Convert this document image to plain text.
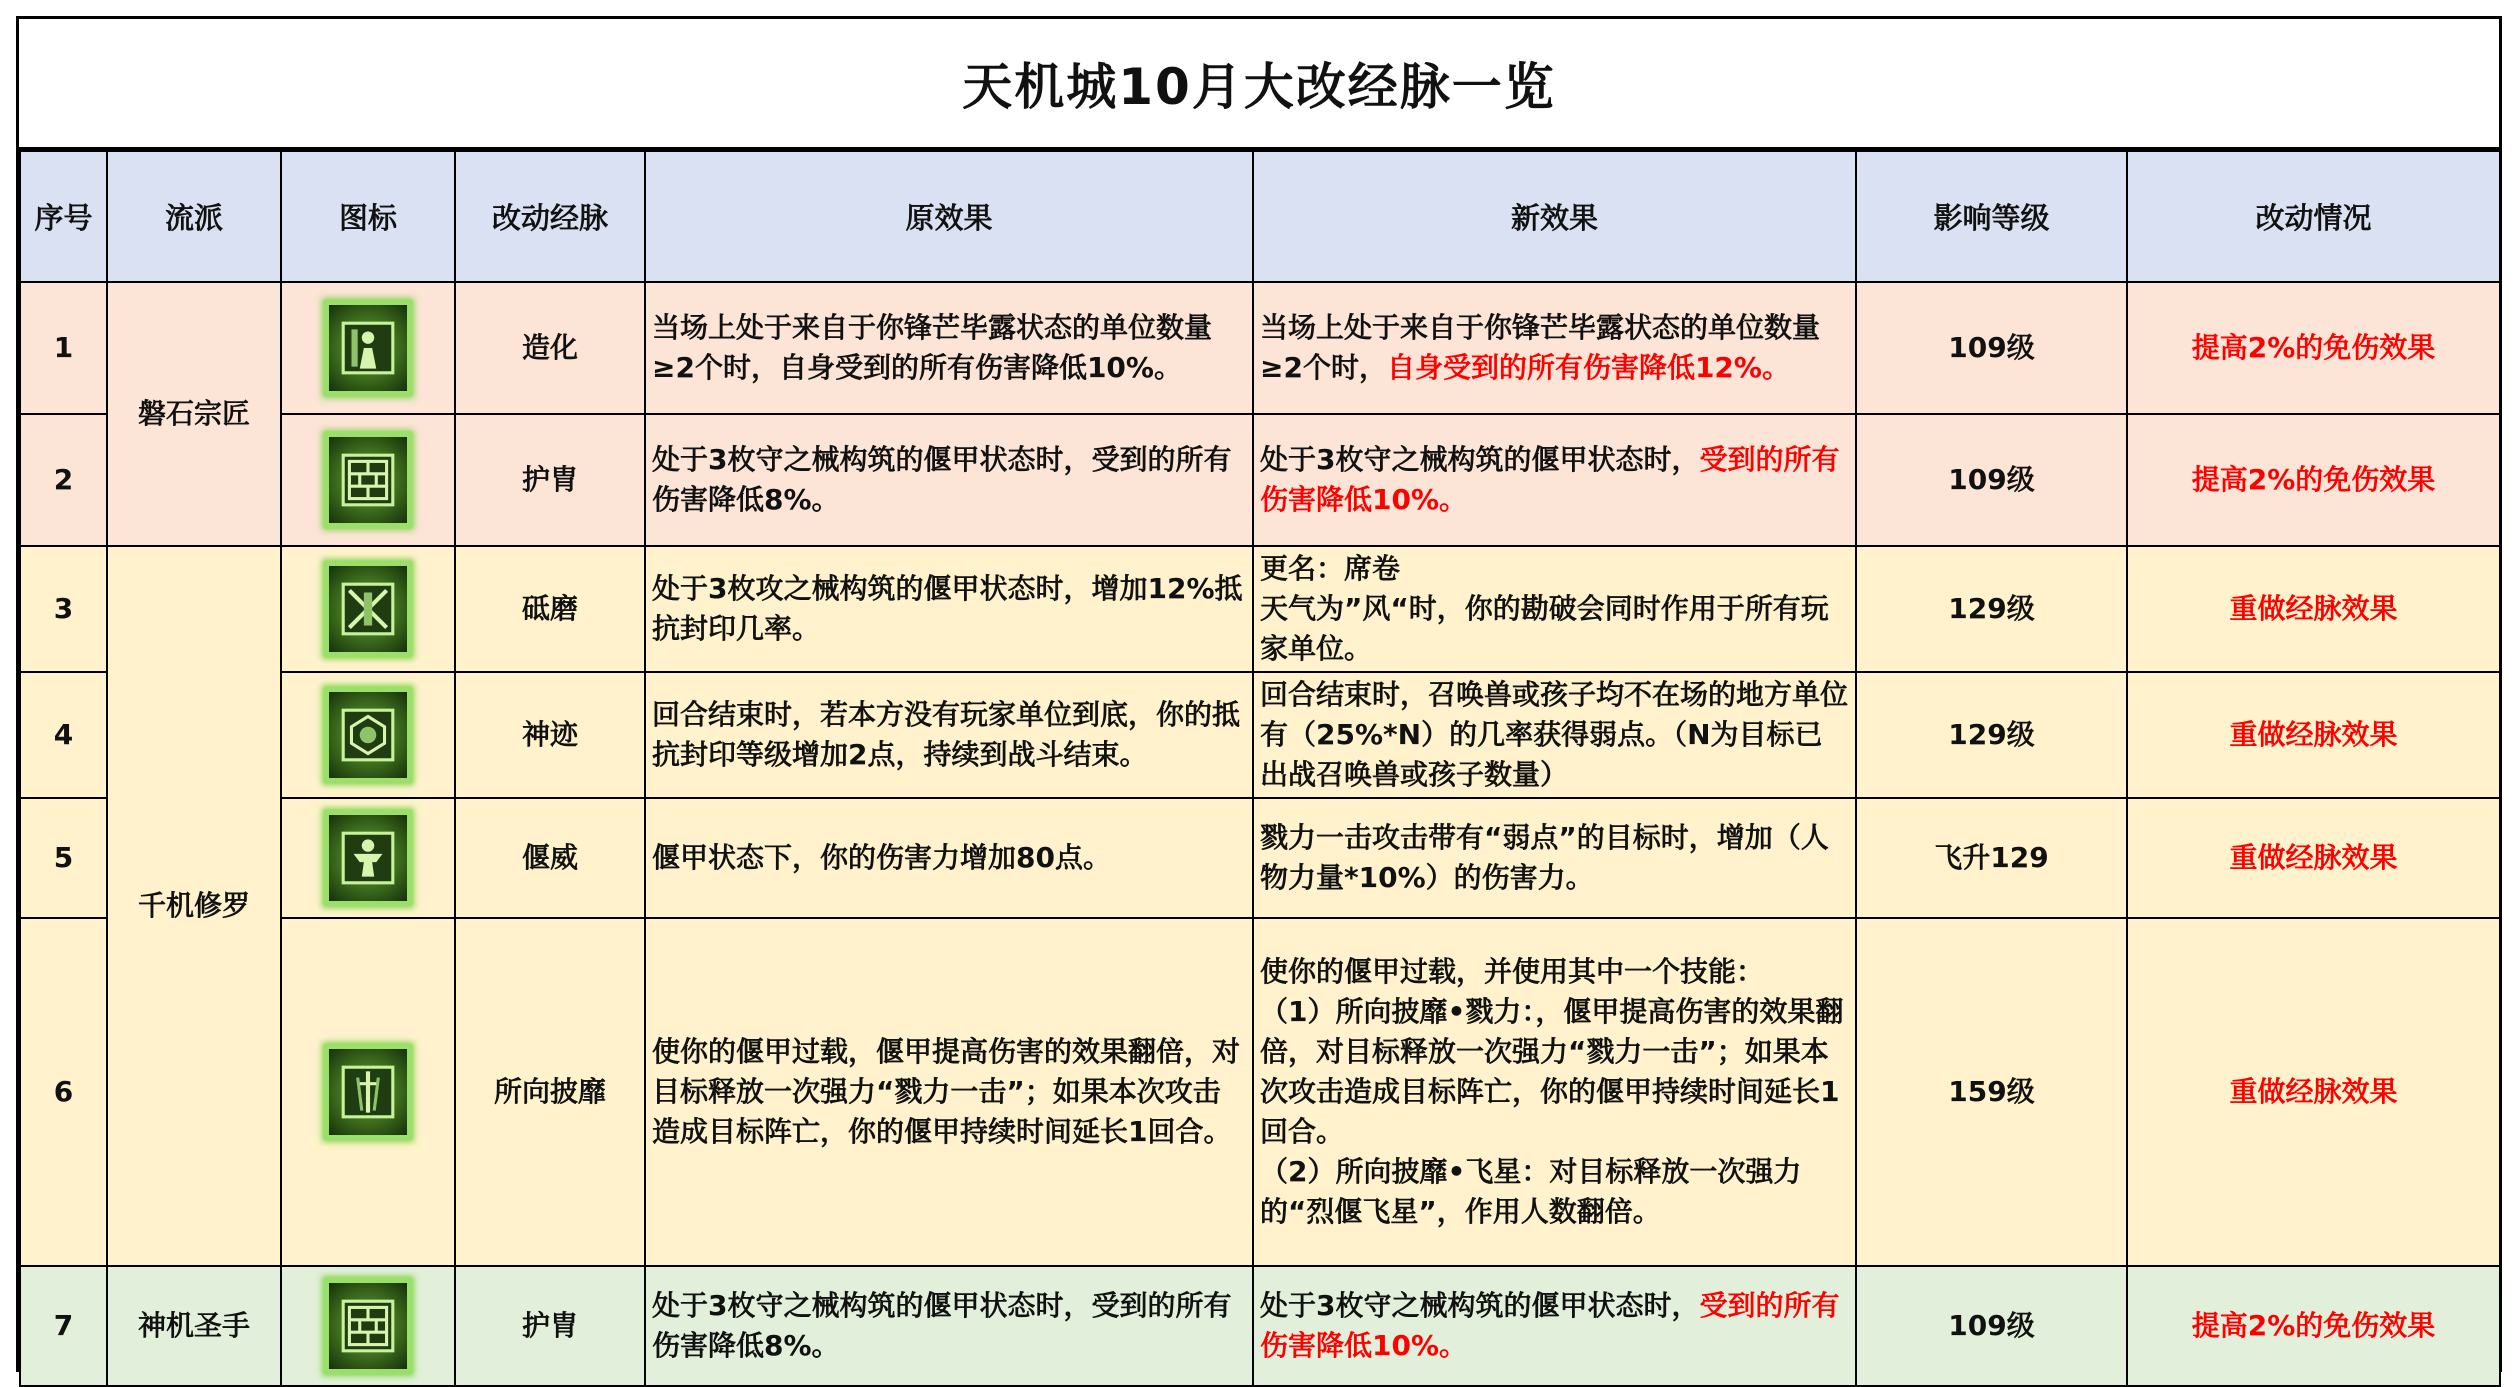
天机城10月大改经脉一览
序号	流派	图标	改动经脉	原效果	新效果	影响等级	改动情况
1	磐石宗匠		造化	当场上处于来自于你锋芒毕露状态的单位数量≥2个时，自身受到的所有伤害降低10%。	当场上处于来自于你锋芒毕露状态的单位数量≥2个时，自身受到的所有伤害降低12%。	109级	提高2%的免伤效果
2			护胄	处于3枚守之械构筑的偃甲状态时，受到的所有伤害降低8%。	处于3枚守之械构筑的偃甲状态时，受到的所有伤害降低10%。	109级	提高2%的免伤效果
3	千机修罗		砥磨	处于3枚攻之械构筑的偃甲状态时，增加12%抵抗封印几率。	更名：席卷
天气为”风“时，你的勘破会同时作用于所有玩家单位。	129级	重做经脉效果
4			神迹	回合结束时，若本方没有玩家单位到底，你的抵抗封印等级增加2点，持续到战斗结束。	回合结束时，召唤兽或孩子均不在场的地方单位有（25%*N）的几率获得弱点。（N为目标已出战召唤兽或孩子数量）	129级	重做经脉效果
5			偃威	偃甲状态下，你的伤害力增加80点。	戮力一击攻击带有“弱点”的目标时，增加（人物力量*10%）的伤害力。	飞升129	重做经脉效果
6			所向披靡	使你的偃甲过载，偃甲提高伤害的效果翻倍，对目标释放一次强力“戮力一击”；如果本次攻击造成目标阵亡，你的偃甲持续时间延长1回合。	使你的偃甲过载，并使用其中一个技能：
（1）所向披靡•戮力：，偃甲提高伤害的效果翻倍，对目标释放一次强力“戮力一击”；如果本次攻击造成目标阵亡，你的偃甲持续时间延长1回合。
（2）所向披靡•飞星：对目标释放一次强力的“烈偃飞星”，作用人数翻倍。	159级	重做经脉效果
7	神机圣手		护胄	处于3枚守之械构筑的偃甲状态时，受到的所有伤害降低8%。	处于3枚守之械构筑的偃甲状态时，受到的所有伤害降低10%。	109级	提高2%的免伤效果
